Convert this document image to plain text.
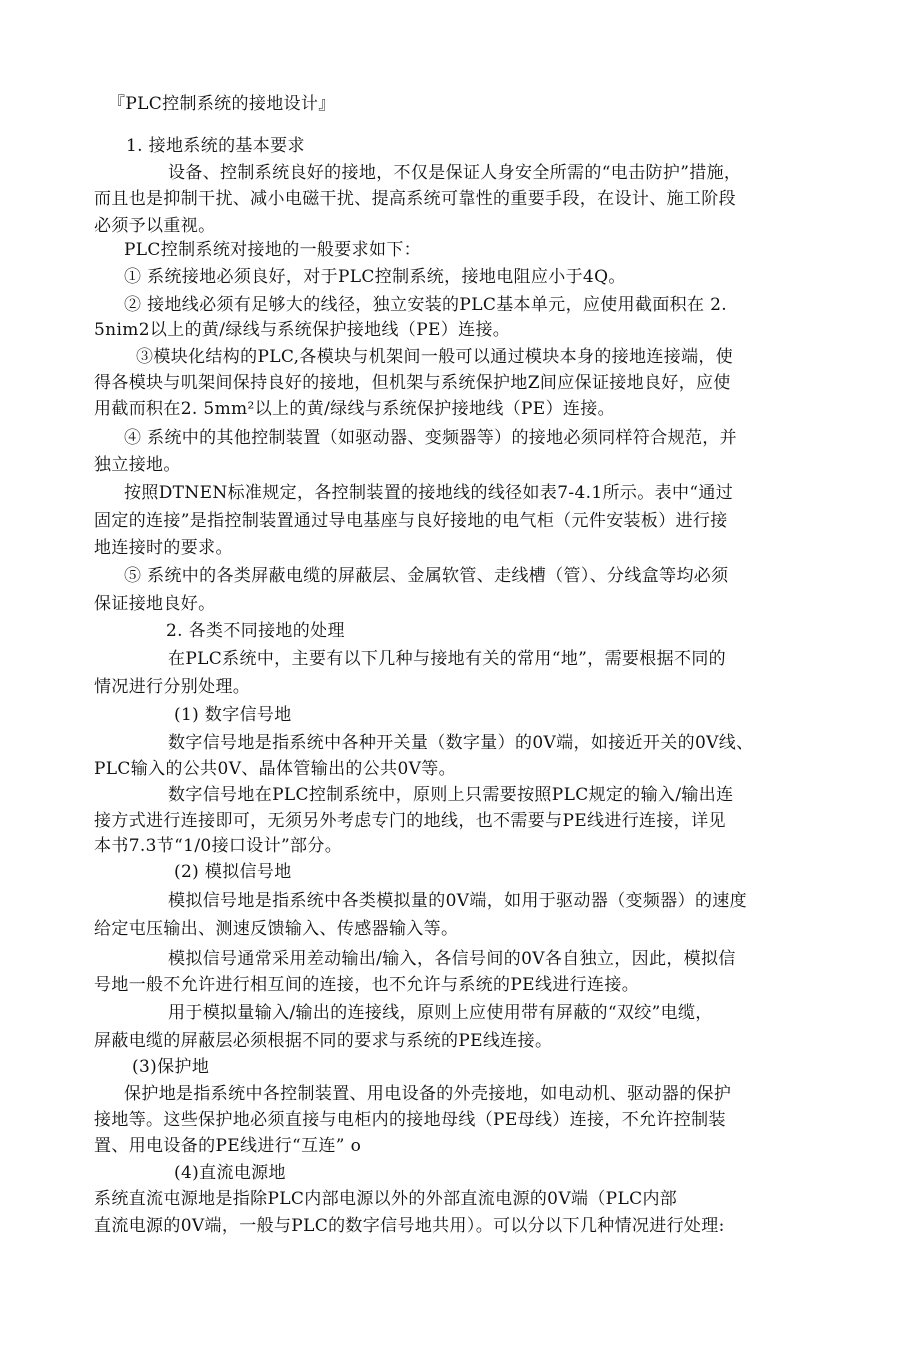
『PLC控制系统的接地设计』
1. 接地系统的基本要求
设备、控制系统良好的接地，不仅是保证人身安全所需的“电击防护”措施，
而且也是抑制干扰、减小电磁干扰、提高系统可靠性的重要手段，在设计、施工阶段
必须予以重视。
PLC控制系统对接地的一般要求如下：
① 系统接地必须良好，对于PLC控制系统，接地电阻应小于4Q。
② 接地线必须有足够大的线径，独立安装的PLC基本单元，应使用截面积在 2.
5nim2以上的黄/绿线与系统保护接地线（PE）连接。
③模块化结构的PLC,各模块与机架间一般可以通过模块本身的接地连接端，使
得各模块与叽架间保持良好的接地，但机架与系统保护地Z间应保证接地良好，应使
用截而积在2. 5mm²以上的黄/绿线与系统保护接地线（PE）连接。
④ 系统中的其他控制装置（如驱动器、变频器等）的接地必须同样符合规范，并
独立接地。
按照DTNEN标准规定，各控制装置的接地线的线径如表7-4.1所示。表中“通过
固定的连接”是指控制装置通过导电基座与良好接地的电气柜（元件安装板）进行接
地连接时的要求。
⑤ 系统中的各类屏蔽电缆的屏蔽层、金属软管、走线槽（管）、分线盒等均必须
保证接地良好。
2. 各类不同接地的处理
在PLC系统中，主要有以下几种与接地有关的常用“地”，需要根据不同的
情况进行分别处理。
(1) 数字信号地
数字信号地是指系统中各种开关量（数字量）的0V端，如接近开关的0V线、
PLC输入的公共0V、晶体管输出的公共0V等。
数字信号地在PLC控制系统中，原则上只需要按照PLC规定的输入/输出连
接方式进行连接即可，无须另外考虑专门的地线，也不需要与PE线进行连接，详见
本书7.3节“1/0接口设计”部分。
(2) 模拟信号地
模拟信号地是指系统中各类模拟量的0V端，如用于驱动器（变频器）的速度
给定屯压输出、测速反馈输入、传感器输入等。
模拟信号通常采用差动输出/输入，各信号间的0V各自独立，因此，模拟信
号地一般不允许进行相互间的连接，也不允许与系统的PE线进行连接。
用于模拟量输入/输出的连接线，原则上应使用带有屏蔽的“双绞”电缆，
屏蔽电缆的屏蔽层必须根据不同的要求与系统的PE线连接。
(3)保护地
保护地是指系统中各控制装置、用电设备的外壳接地，如电动机、驱动器的保护
接地等。这些保护地必须直接与电柜内的接地母线（PE母线）连接，不允许控制装
置、用电设备的PE线进行“互连” o
(4)直流电源地
系统直流屯源地是指除PLC内部电源以外的外部直流电源的0V端（PLC内部
直流电源的0V端，一般与PLC的数字信号地共用）。可以分以下几种情况进行处理:
